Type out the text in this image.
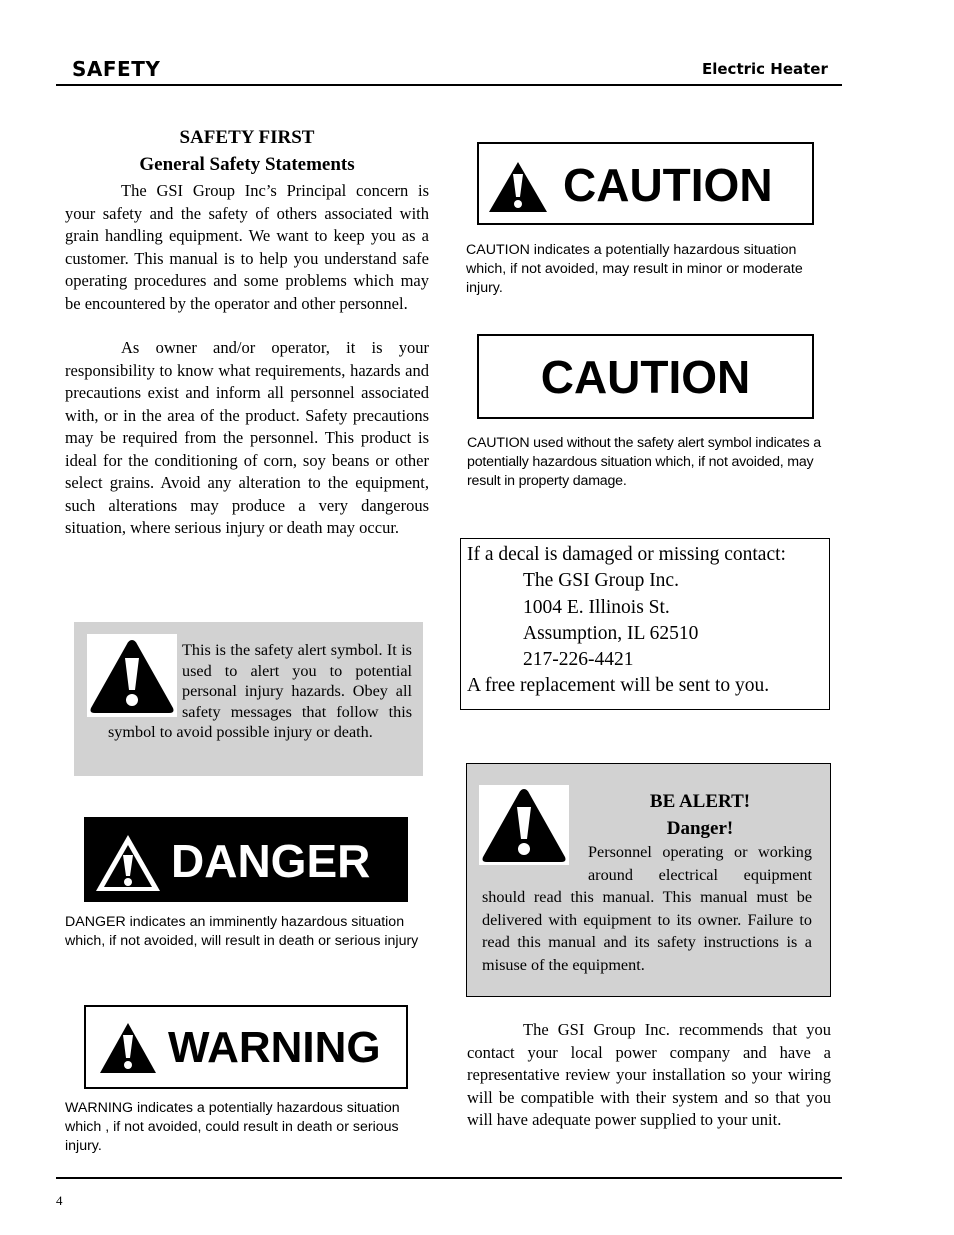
SAFETY	Electric Heater
SAFETY FIRST
General Safety Statements
The GSI Group Inc’s Principal concern is your safety and the safety of others associated with grain handling equipment. We want to keep you as a customer. This manual is to help you understand safe operating procedures and some problems which may be encountered by the operator and other personnel.
As owner and/or operator, it is your responsibility to know what requirements, hazards and precautions exist and inform all personnel associated with, or in the area of the product. Safety precautions may be required from the personnel. This product is ideal for the conditioning of corn, soy beans or other select grains. Avoid any alteration to the equipment, such alterations may produce a very dangerous situation, where serious injury or death may occur.
This is the safety alert symbol. It is used to alert you to potential personal injury hazards. Obey all safety messages that follow this symbol to avoid possible injury or death.
DANGER
DANGER indicates an imminently hazardous situation which, if not avoided, will result in death or serious injury
WARNING
WARNING indicates a potentially hazardous situation which , if not avoided, could result in death or serious injury.
CAUTION
CAUTION indicates a potentially hazardous situation which, if not avoided, may result in minor or moderate injury.
CAUTION
CAUTION used without the safety alert symbol indicates a potentially hazardous situation which, if not avoided, may result in property damage.
If a decal is damaged or missing contact:
The GSI Group Inc.
1004 E. Illinois St.
Assumption, IL 62510
217-226-4421
A free replacement will be sent to you.
BE ALERT!
Danger!
Personnel operating or working around electrical equipment should read this manual. This manual must be delivered with equipment to its owner. Failure to read this manual and its safety instructions is a misuse of the equipment.
The GSI Group Inc. recommends that you contact your local power company and have a representative review your installation so your wiring will be compatible with their system and so that you will have adequate power supplied to your unit.
4
